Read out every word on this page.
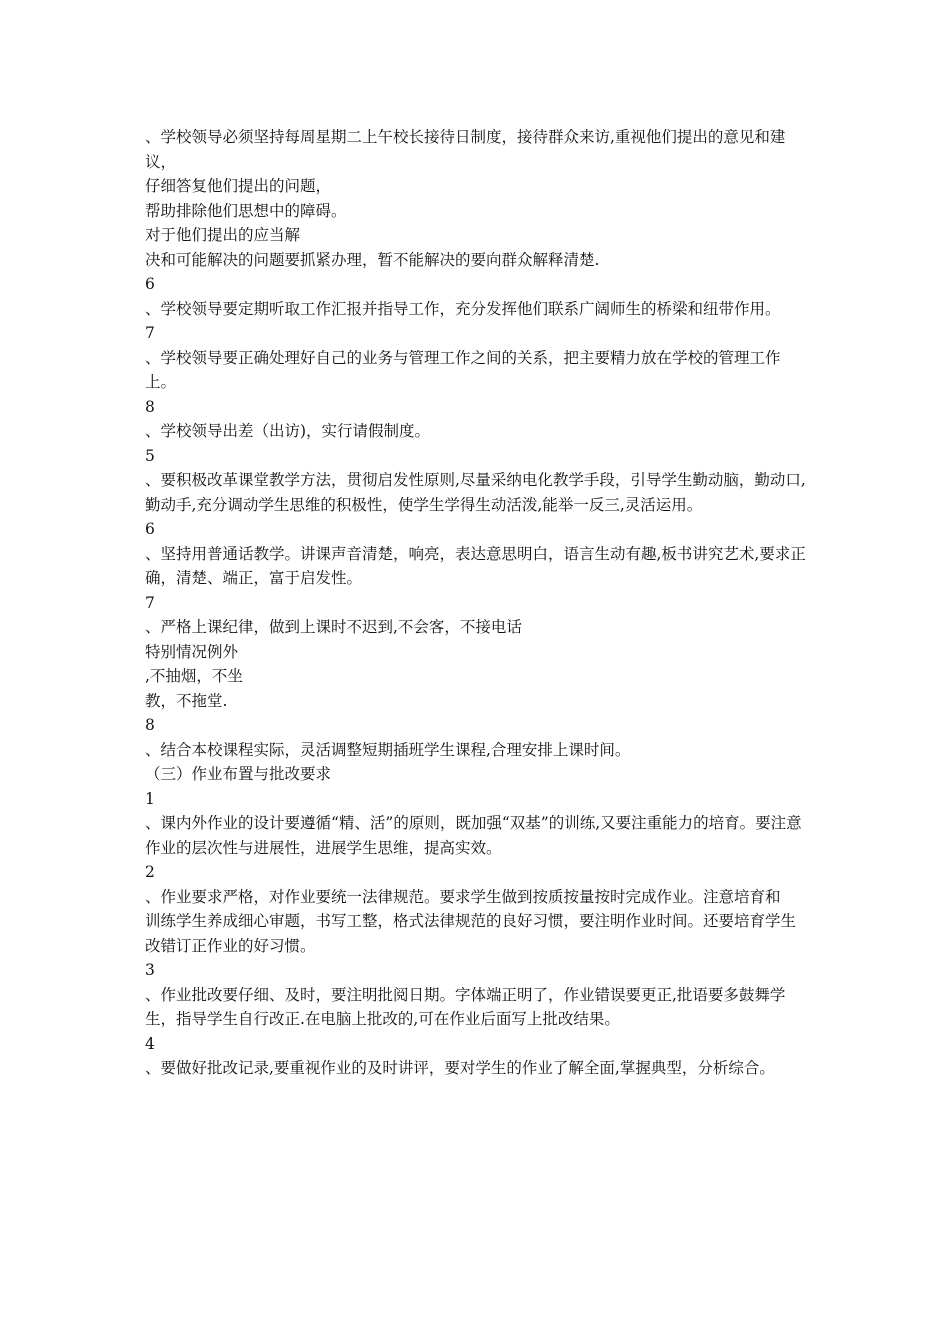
、学校领导必须坚持每周星期二上午校长接待日制度，接待群众来访,重视他们提出的意见和建议，

仔细答复他们提出的问题，

帮助排除他们思想中的障碍。

对于他们提出的应当解

决和可能解决的问题要抓紧办理，暂不能解决的要向群众解释清楚.

6

、学校领导要定期听取工作汇报并指导工作，充分发挥他们联系广阔师生的桥梁和纽带作用。

7

、学校领导要正确处理好自己的业务与管理工作之间的关系，把主要精力放在学校的管理工作上。

8

、学校领导出差（出访)，实行请假制度。

5

、要积极改革课堂教学方法，贯彻启发性原则,尽量采纳电化教学手段，引导学生勤动脑，勤动口,勤动手,充分调动学生思维的积极性，使学生学得生动活泼,能举一反三,灵活运用。

6

、坚持用普通话教学。讲课声音清楚，响亮，表达意思明白，语言生动有趣,板书讲究艺术,要求正确，清楚、端正，富于启发性。

7

、严格上课纪律，做到上课时不迟到,不会客，不接电话

特别情况例外

,不抽烟，不坐

教，不拖堂.

8

、结合本校课程实际，灵活调整短期插班学生课程,合理安排上课时间。

（三）作业布置与批改要求

1

、课内外作业的设计要遵循“精、活”的原则，既加强“双基”的训练,又要注重能力的培育。要注意作业的层次性与进展性，进展学生思维，提高实效。

2

、作业要求严格，对作业要统一法律规范。要求学生做到按质按量按时完成作业。注意培育和

训练学生养成细心审题，书写工整，格式法律规范的良好习惯，要注明作业时间。还要培育学生

改错订正作业的好习惯。

3

、作业批改要仔细、及时，要注明批阅日期。字体端正明了，作业错误要更正,批语要多鼓舞学生，指导学生自行改正.在电脑上批改的,可在作业后面写上批改结果。

4

、要做好批改记录,要重视作业的及时讲评，要对学生的作业了解全面,掌握典型，分析综合。
